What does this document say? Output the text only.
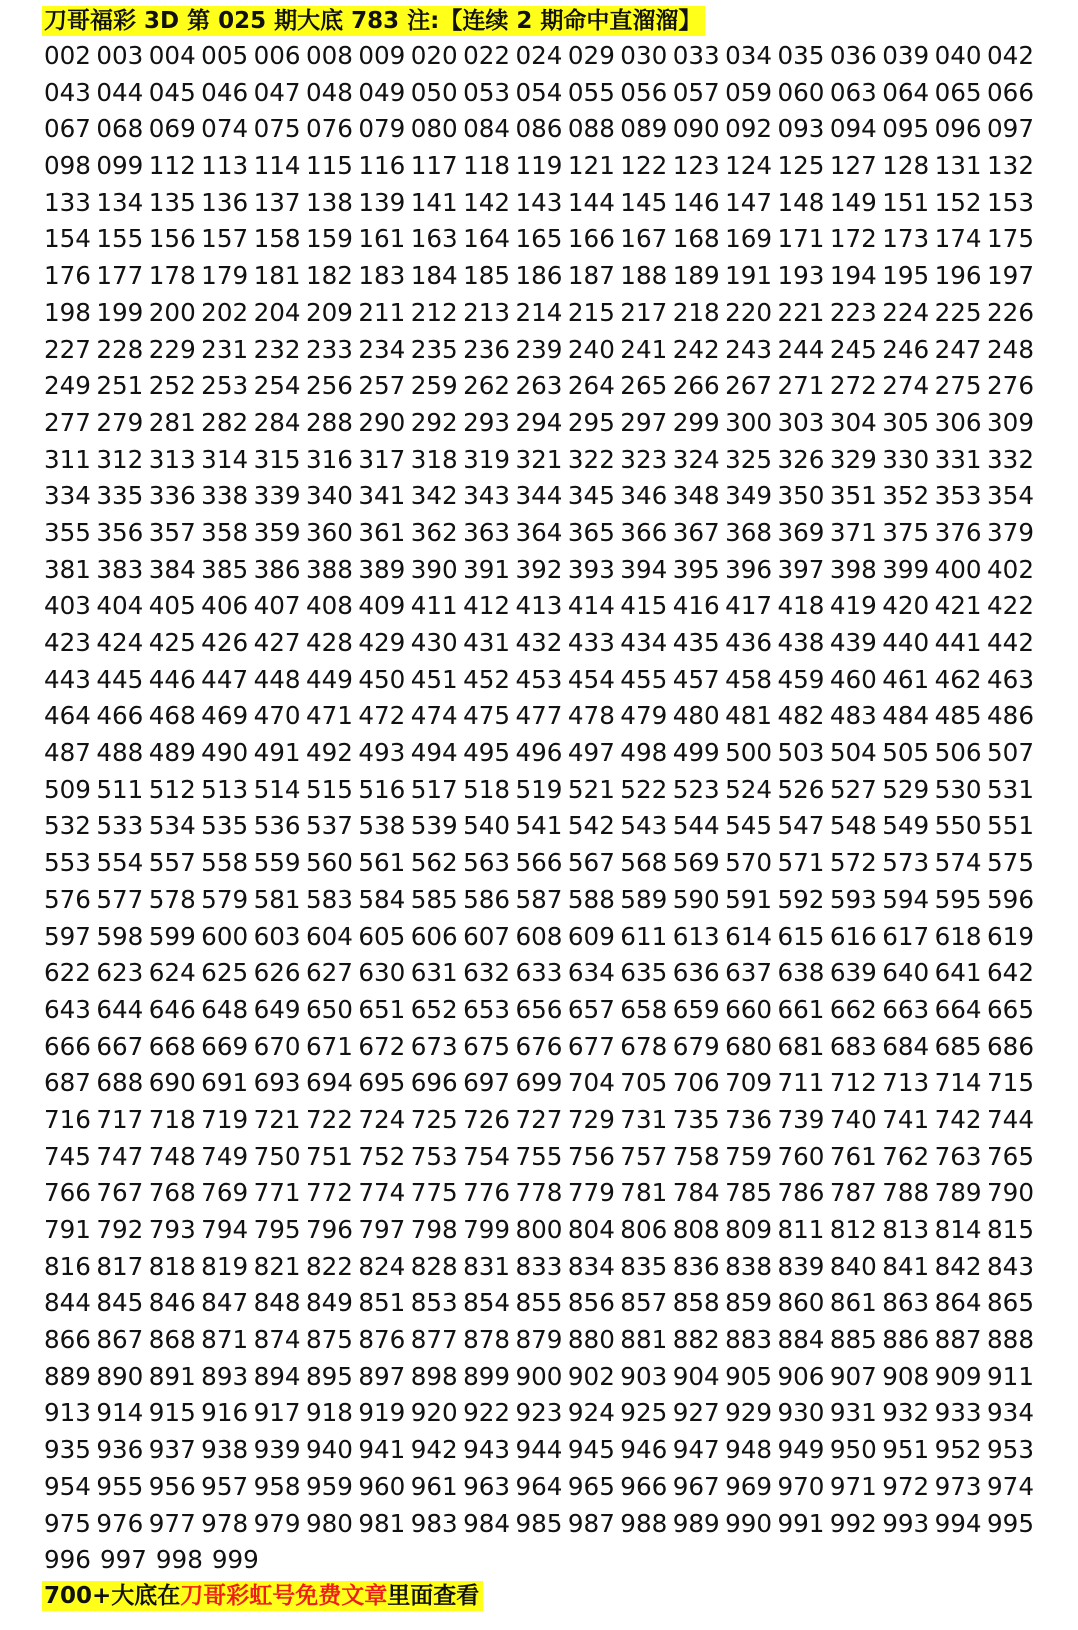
刀哥福彩 3D 第 025 期大底 783 注:【连续 2 期命中直溜溜】
002 003 004 005 006 008 009 020 022 024 029 030 033 034 035 036 039 040 042
043 044 045 046 047 048 049 050 053 054 055 056 057 059 060 063 064 065 066
067 068 069 074 075 076 079 080 084 086 088 089 090 092 093 094 095 096 097
098 099 112 113 114 115 116 117 118 119 121 122 123 124 125 127 128 131 132
133 134 135 136 137 138 139 141 142 143 144 145 146 147 148 149 151 152 153
154 155 156 157 158 159 161 163 164 165 166 167 168 169 171 172 173 174 175
176 177 178 179 181 182 183 184 185 186 187 188 189 191 193 194 195 196 197
198 199 200 202 204 209 211 212 213 214 215 217 218 220 221 223 224 225 226
227 228 229 231 232 233 234 235 236 239 240 241 242 243 244 245 246 247 248
249 251 252 253 254 256 257 259 262 263 264 265 266 267 271 272 274 275 276
277 279 281 282 284 288 290 292 293 294 295 297 299 300 303 304 305 306 309
311 312 313 314 315 316 317 318 319 321 322 323 324 325 326 329 330 331 332
334 335 336 338 339 340 341 342 343 344 345 346 348 349 350 351 352 353 354
355 356 357 358 359 360 361 362 363 364 365 366 367 368 369 371 375 376 379
381 383 384 385 386 388 389 390 391 392 393 394 395 396 397 398 399 400 402
403 404 405 406 407 408 409 411 412 413 414 415 416 417 418 419 420 421 422
423 424 425 426 427 428 429 430 431 432 433 434 435 436 438 439 440 441 442
443 445 446 447 448 449 450 451 452 453 454 455 457 458 459 460 461 462 463
464 466 468 469 470 471 472 474 475 477 478 479 480 481 482 483 484 485 486
487 488 489 490 491 492 493 494 495 496 497 498 499 500 503 504 505 506 507
509 511 512 513 514 515 516 517 518 519 521 522 523 524 526 527 529 530 531
532 533 534 535 536 537 538 539 540 541 542 543 544 545 547 548 549 550 551
553 554 557 558 559 560 561 562 563 566 567 568 569 570 571 572 573 574 575
576 577 578 579 581 583 584 585 586 587 588 589 590 591 592 593 594 595 596
597 598 599 600 603 604 605 606 607 608 609 611 613 614 615 616 617 618 619
622 623 624 625 626 627 630 631 632 633 634 635 636 637 638 639 640 641 642
643 644 646 648 649 650 651 652 653 656 657 658 659 660 661 662 663 664 665
666 667 668 669 670 671 672 673 675 676 677 678 679 680 681 683 684 685 686
687 688 690 691 693 694 695 696 697 699 704 705 706 709 711 712 713 714 715
716 717 718 719 721 722 724 725 726 727 729 731 735 736 739 740 741 742 744
745 747 748 749 750 751 752 753 754 755 756 757 758 759 760 761 762 763 765
766 767 768 769 771 772 774 775 776 778 779 781 784 785 786 787 788 789 790
791 792 793 794 795 796 797 798 799 800 804 806 808 809 811 812 813 814 815
816 817 818 819 821 822 824 828 831 833 834 835 836 838 839 840 841 842 843
844 845 846 847 848 849 851 853 854 855 856 857 858 859 860 861 863 864 865
866 867 868 871 874 875 876 877 878 879 880 881 882 883 884 885 886 887 888
889 890 891 893 894 895 897 898 899 900 902 903 904 905 906 907 908 909 911
913 914 915 916 917 918 919 920 922 923 924 925 927 929 930 931 932 933 934
935 936 937 938 939 940 941 942 943 944 945 946 947 948 949 950 951 952 953
954 955 956 957 958 959 960 961 963 964 965 966 967 969 970 971 972 973 974
975 976 977 978 979 980 981 983 984 985 987 988 989 990 991 992 993 994 995
996 997 998 999
700+大底在刀哥彩虹号免费文章里面查看
